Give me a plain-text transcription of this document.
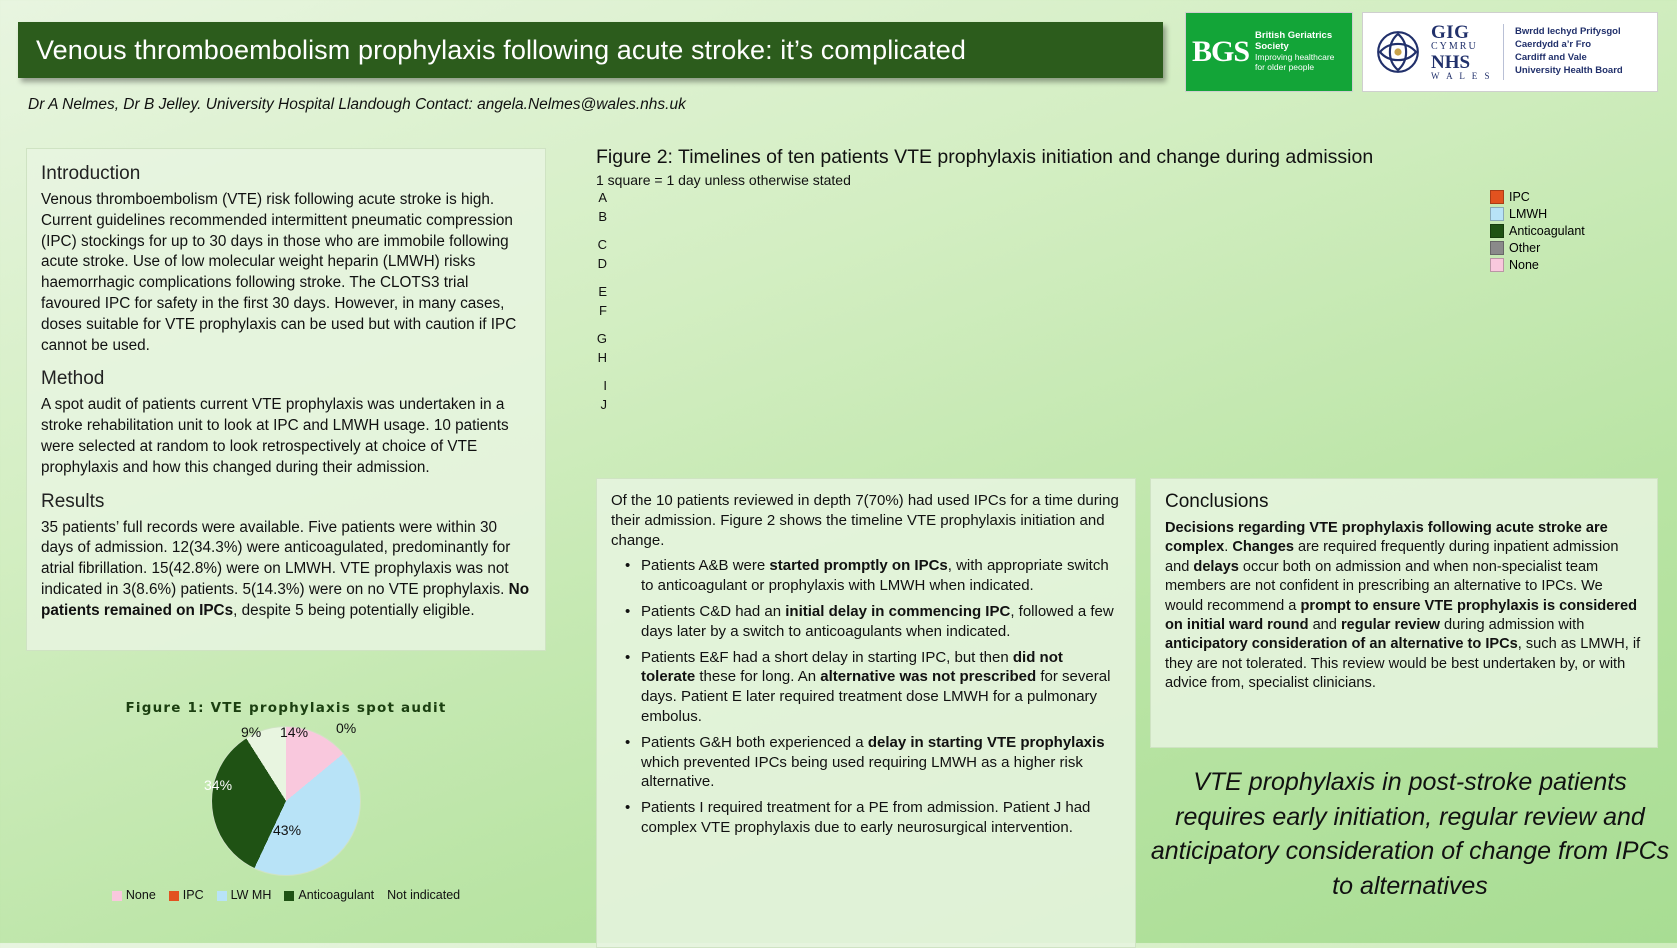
Venous thromboembolism prophylaxis following acute stroke: it’s complicated
Dr A Nelmes, Dr B Jelley. University Hospital Llandough Contact: angela.Nelmes@wales.nhs.uk
BGS British Geriatrics Society
Improving healthcare
for older people
GIG
CYMRU
NHS
W A L E S
Bwrdd Iechyd Prifysgol
Caerdydd a’r Fro
Cardiff and Vale
University Health Board
Introduction

Venous thromboembolism (VTE) risk following acute stroke is high. Current guidelines recommended intermittent pneumatic compression (IPC) stockings for up to 30 days in those who are immobile following acute stroke. Use of low molecular weight heparin (LMWH) risks haemorrhagic complications following stroke. The CLOTS3 trial favoured IPC for safety in the first 30 days. However, in many cases, doses suitable for VTE prophylaxis can be used but with caution if IPC cannot be used.

Method

A spot audit of patients current VTE prophylaxis was undertaken in a stroke rehabilitation unit to look at IPC and LMWH usage. 10 patients were selected at random to look retrospectively at choice of VTE prophylaxis and how this changed during their admission.

Results

35 patients’ full records were available. Five patients were within 30 days of admission. 12(34.3%) were anticoagulated, predominantly for atrial fibrillation. 15(42.8%) were on LMWH. VTE prophylaxis was not indicated in 3(8.6%) patients. 5(14.3%) were on no VTE prophylaxis. No patients remained on IPCs, despite 5 being potentially eligible.

Figure 1: VTE prophylaxis spot audit
14% 0%
43%
34%
9%
None	IPC	LW MH	Anticoagulant Not indicated
Figure 2: Timelines of ten patients VTE prophylaxis initiation and change during admission
1 square = 1 day unless otherwise stated
A
B
C
D
E
F
G
H
I
J
IPC
LMWH
Anticoagulant
Other
None

Of the 10 patients reviewed in depth 7(70%) had used IPCs for a time during their admission. Figure 2 shows the timeline VTE prophylaxis initiation and change.

• Patients A&B were started promptly on IPCs, with appropriate switch to anticoagulant or prophylaxis with LMWH when indicated.
• Patients C&D had an initial delay in commencing IPC, followed a few days later by a switch to anticoagulants when indicated.
• Patients E&F had a short delay in starting IPC, but then did not tolerate these for long. An alternative was not prescribed for several days. Patient E later required treatment dose LMWH for a pulmonary embolus.
• Patients G&H both experienced a delay in starting VTE prophylaxis which prevented IPCs being used requiring LMWH as a higher risk alternative.
• Patients I required treatment for a PE from admission. Patient J had complex VTE prophylaxis due to early neurosurgical intervention.
Conclusions

Decisions regarding VTE prophylaxis following acute stroke are complex. Changes are required frequently during inpatient admission and delays occur both on admission and when non-specialist team members are not confident in prescribing an alternative to IPCs. We would recommend a prompt to ensure VTE prophylaxis is considered on initial ward round and regular review during admission with anticipatory consideration of an alternative to IPCs, such as LMWH, if they are not tolerated. This review would be best undertaken by, or with advice from, specialist clinicians.

VTE prophylaxis in post-stroke patients requires early initiation, regular review and anticipatory consideration of change from IPCs to alternatives
